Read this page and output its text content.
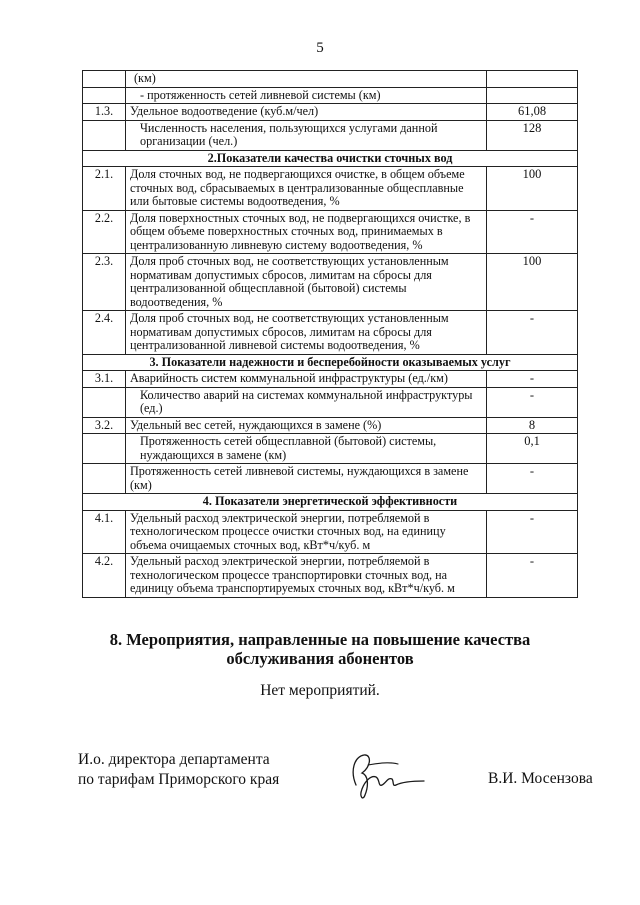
5
	(км)	
	- протяженность сетей ливневой системы (км)	
1.3.	Удельное водоотведение (куб.м/чел)	61,08
	Численность населения, пользующихся услугами данной организации (чел.)	128
2.Показатели качества очистки сточных вод		
2.1.	Доля сточных вод, не подвергающихся очистке, в общем объеме сточных вод, сбрасываемых в централизованные общесплавные или бытовые системы водоотведения, %	100
2.2.	Доля поверхностных сточных вод, не подвергающихся очистке, в общем объеме поверхностных сточных вод, принимаемых в централизованную ливневую систему водоотведения, %	-
2.3.	Доля проб сточных вод, не соответствующих установленным нормативам допустимых сбросов, лимитам на сбросы для централизованной общесплавной (бытовой) системы водоотведения, %	100
2.4.	Доля проб сточных вод, не соответствующих установленным нормативам допустимых сбросов, лимитам на сбросы для централизованной ливневой системы водоотведения, %	-
3. Показатели надежности и бесперебойности оказываемых услуг		
3.1.	Аварийность систем коммунальной инфраструктуры (ед./км)	-
	Количество аварий на системах коммунальной инфраструктуры (ед.)	-
3.2.	Удельный вес сетей, нуждающихся в замене (%)	8
	Протяженность сетей общесплавной (бытовой) системы, нуждающихся в замене (км)	0,1
	Протяженность сетей ливневой системы, нуждающихся в замене (км)	-
4. Показатели энергетической эффективности		
4.1.	Удельный расход электрической энергии, потребляемой в технологическом процессе очистки сточных вод, на единицу объема очищаемых сточных вод, кВт*ч/куб. м	-
4.2.	Удельный расход электрической энергии, потребляемой в технологическом процессе транспортировки сточных вод, на единицу объема транспортируемых сточных вод, кВт*ч/куб. м	-
8. Мероприятия, направленные на повышение качества
обслуживания абонентов
Нет мероприятий.
И.о. директора департамента
по тарифам Приморского края	В.И. Мосензова
